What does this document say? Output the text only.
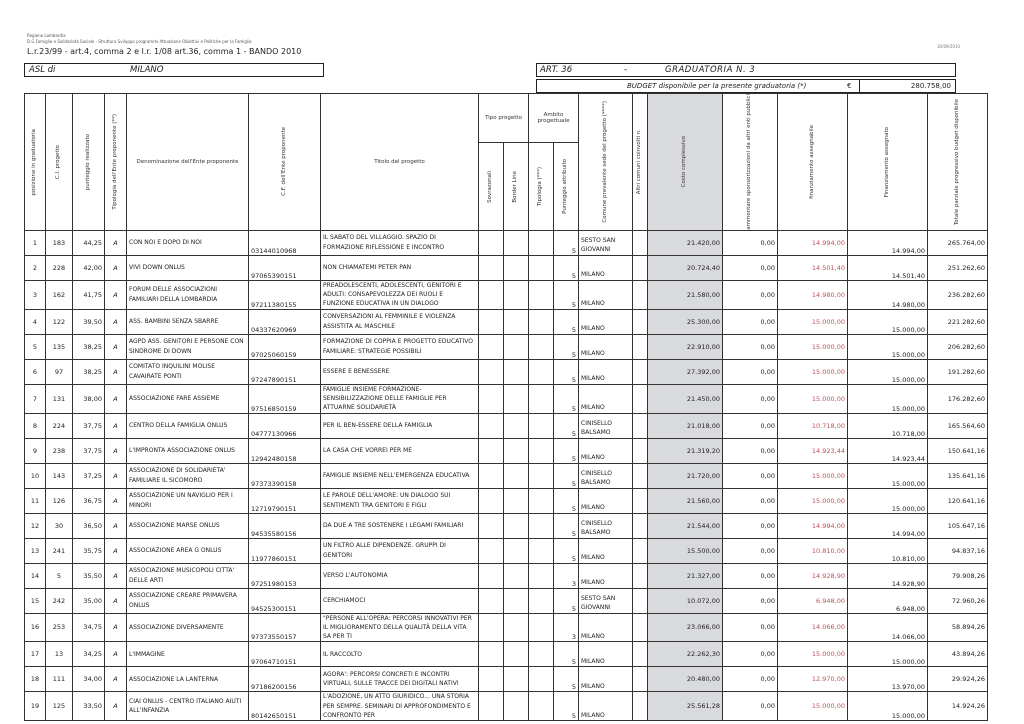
Regione Lombardia
D.G Famiglia e Solidarietà Sociale - Struttura Sviluppo programmi Attuazione Obiettivi e Politiche per la Famiglia
L.r.23/99 - art.4, comma 2 e l.r. 1/08 art.36, comma 1 - BANDO 2010
30/09/2010
ASL di	MILANO	ART. 36	-	GRADUATORIA N. 3
BUDGET disponibile per la presente graduatoria (*)	€	280.758,00
posizione in graduatoria	C.I. progetto	punteggio realizzato	Tipologia dell'Ente proponente (**)	Denominazione dell'Ente proponente	C.F. dell'Ente proponente	Titolo del progetto	Tipo progetto		Ambito progettuale		Comune prevalente sede del progetto (****)	Altri comuni coinvolti n.	Costo complessivo	ammontare sponsorizzazioni da altri enti pubblici	finanziamento assegnabile	Finanziamento assegnato	Totale parziale progressivo budget disponibile

							Sovrazonali	Border Line	Tipologia (***)	Punteggio attribuito							

1	183	44,25	A	CON NOI E DOPO DI NOI	03144010968	IL SABATO DEL VILLAGGIO. SPAZIO DI FORMAZIONE RIFLESSIONE E INCONTRO				5	SESTO SAN GIOVANNI		21.420,00	0,00	14.994,00	14.994,00	265.764,00
2	228	42,00	A	VIVI DOWN ONLUS	97065390151	NON CHIAMATEMI PETER PAN				5	MILANO		20.724,40	0,00	14.501,40	14.501,40	251.262,60
3	162	41,75	A	FORUM DELLE ASSOCIAZIONI FAMILIARI DELLA LOMBARDIA	97211380155	PREADOLESCENTI, ADOLESCENTI, GENITORI E ADULTI: CONSAPEVOLEZZA DEI RUOLI E FUNZIONE EDUCATIVA IN UN DIALOGO				5	MILANO		21.580,00	0,00	14.980,00	14.980,00	236.282,60
4	122	39,50	A	ASS. BAMBINI SENZA SBARRE	04337620969	CONVERSAZIONI AL FEMMINILE E VIOLENZA ASSISTITA AL MASCHILE				5	MILANO		25.300,00	0,00	15.000,00	15.000,00	221.282,60
5	135	38,25	A	AGPD ASS. GENITORI E PERSONE CON SINDROME DI DOWN	97025060159	FORMAZIONE DI COPPIA E PROGETTO EDUCATIVO FAMILIARE: STRATEGIE POSSIBILI				5	MILANO		22.910,00	0,00	15.000,00	15.000,00	206.282,60
6	97	38,25	A	COMITATO INQUILINI MOLISE CAVAIRATE PONTI	97247890151	ESSERE E BENESSERE				5	MILANO		27.392,00	0,00	15.000,00	15.000,00	191.282,60
7	131	38,00	A	ASSOCIAZIONE FARE ASSIEME	97516850159	FAMIGLIE INSIEME FORMAZIONE-SENSIBILIZZAZIONE DELLE FAMIGLIE PER ATTUARNE SOLIDARIETÀ				5	MILANO		21.450,00	0,00	15.000,00	15.000,00	176.282,60
8	224	37,75	A	CENTRO DELLA FAMIGLIA ONLUS	04777130966	PER IL BEN-ESSERE DELLA FAMIGLIA				5	CINISELLO BALSAMO		21.018,00	0,00	10.718,00	10.718,00	165.564,60
9	238	37,75	A	L'IMPRONTA ASSOCIAZIONE ONLUS	12942480158	LA CASA CHE VORREI PER ME				5	MILANO		21.319,20	0,00	14.923,44	14.923,44	150.641,16
10	143	37,25	A	ASSOCIAZIONE DI SOLIDARIETA' FAMILIARE IL SICOMORO	97373390158	FAMIGLIE INSIEME NELL'EMERGENZA EDUCATIVA				5	CINISELLO BALSAMO		21.720,00	0,00	15.000,00	15.000,00	135.641,16
11	126	36,75	A	ASSOCIAZIONE UN NAVIGLIO PER I MINORI	12719790151	LE PAROLE DELL'AMORE: UN DIALOGO SUI SENTIMENTI TRA GENITORI E FIGLI				5	MILANO		21.560,00	0,00	15.000,00	15.000,00	120.641,16
12	30	36,50	A	ASSOCIAZIONE MARSE ONLUS	94535580156	DA DUE A TRE SOSTENERE I LEGAMI FAMILIARI				5	CINISELLO BALSAMO		21.544,00	0,00	14.994,00	14.994,00	105.647,16
13	241	35,75	A	ASSOCIAZIONE AREA G ONLUS	11977860151	UN FILTRO ALLE DIPENDENZE. GRUPPI DI GENITORI				5	MILANO		15.500,00	0,00	10.810,00	10.810,00	94.837,16
14	5	35,50	A	ASSOCIAZIONE MUSICOPOLI CITTA' DELLE ARTI	97251980153	VERSO L'AUTONOMIA				3	MILANO		21.327,00	0,00	14.928,90	14.928,90	79.908,26
15	242	35,00	A	ASSOCIAZIONE CREARE PRIMAVERA ONLUS	94525300151	CERCHIAMOCI				5	SESTO SAN GIOVANNI		10.072,00	0,00	6.948,00	6.948,00	72.960,26
16	253	34,75	A	ASSOCIAZIONE DIVERSAMENTE	97373550157	"PERSONE ALL'OPERA: PERCORSI INNOVATIVI PER IL MIGLIORAMENTO DELLA QUALITÀ DELLA VITA SA PER TI				3	MILANO		23.066,00	0,00	14.066,00	14.066,00	58.894,26
17	13	34,25	A	L'IMMAGINE	97064710151	IL RACCOLTO				5	MILANO		22.262,30	0,00	15.000,00	15.000,00	43.894,26
18	111	34,00	A	ASSOCIAZIONE LA LANTERNA	97186200156	AGORA': PERCORSI CONCRETI E INCONTRI VIRTUALI, SULLE TRACCE DEI DIGITALI NATIVI				5	MILANO		20.480,00	0,00	12.970,00	13.970,00	29.924,26
19	125	33,50	A	CIAI ONLUS - CENTRO ITALIANO AIUTI ALL'INFANZIA	80142650151	L'ADOZIONE, UN ATTO GIURIDICO... UNA STORIA PER SEMPRE. SEMINARI DI APPROFONDIMENTO E CONFRONTO PER				5	MILANO		25.561,28	0,00	15.000,00	15.000,00	14.924,26
